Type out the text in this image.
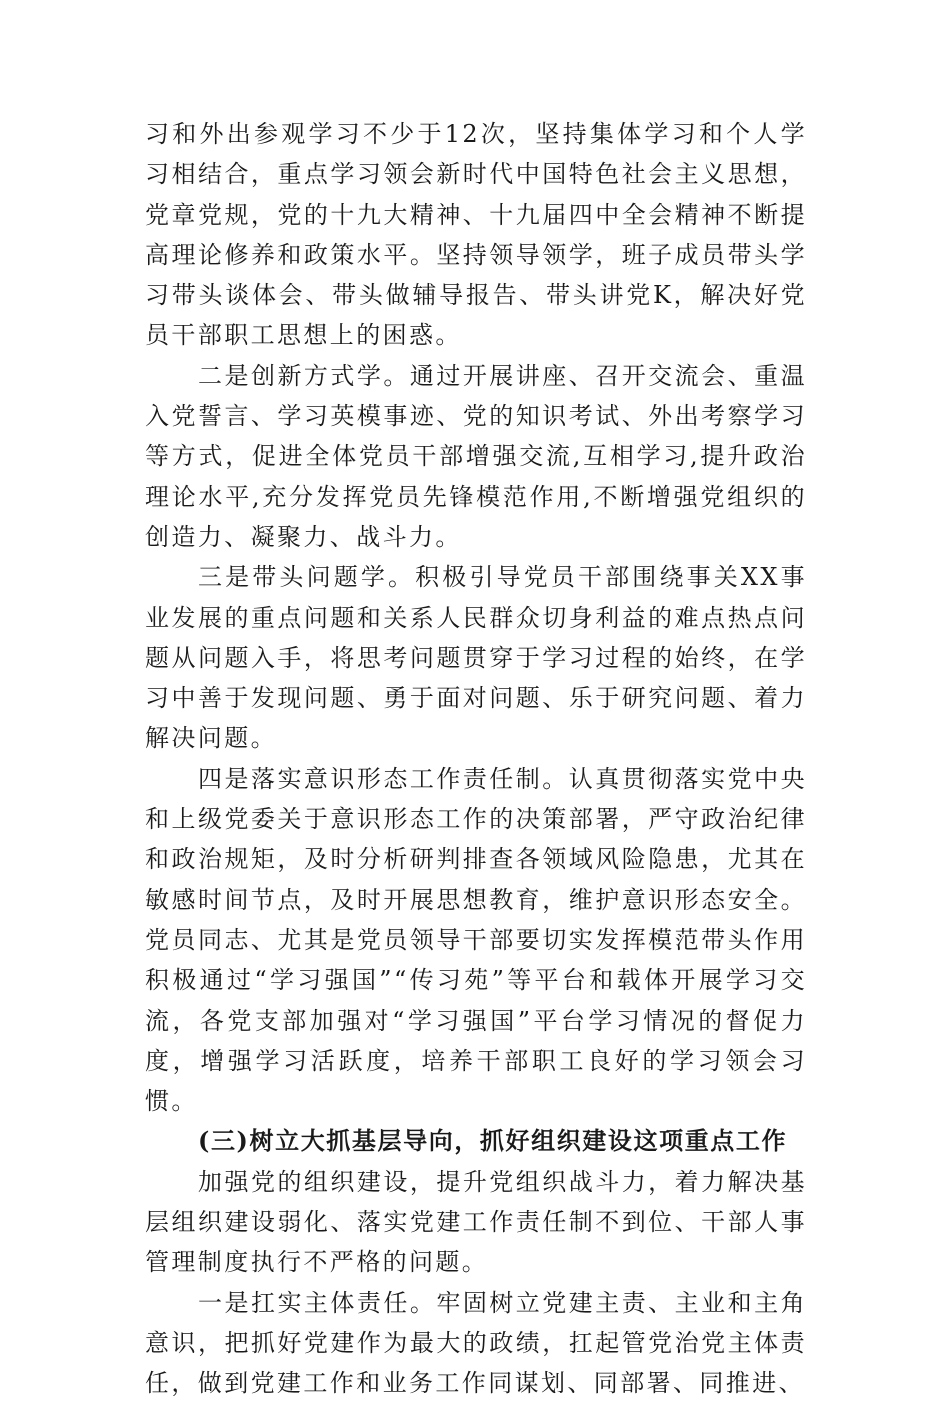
习和外出参观学习不少于12次，坚持集体学习和个人学习相结合，重点学习领会新时代中国特色社会主义思想，党章党规，党的十九大精神、十九届四中全会精神不断提高理论修养和政策水平。坚持领导领学，班子成员带头学习带头谈体会、带头做辅导报告、带头讲党K，解决好党员干部职工思想上的困惑。

二是创新方式学。通过开展讲座、召开交流会、重温入党誓言、学习英模事迹、党的知识考试、外出考察学习等方式，促进全体党员干部增强交流,互相学习,提升政治理论水平,充分发挥党员先锋模范作用,不断增强党组织的创造力、凝聚力、战斗力。

三是带头问题学。积极引导党员干部围绕事关XX事业发展的重点问题和关系人民群众切身利益的难点热点问题从问题入手，将思考问题贯穿于学习过程的始终，在学习中善于发现问题、勇于面对问题、乐于研究问题、着力解决问题。

四是落实意识形态工作责任制。认真贯彻落实党中央和上级党委关于意识形态工作的决策部署，严守政治纪律和政治规矩，及时分析研判排查各领域风险隐患，尤其在敏感时间节点，及时开展思想教育，维护意识形态安全。党员同志、尤其是党员领导干部要切实发挥模范带头作用积极通过“学习强国”“传习苑”等平台和载体开展学习交流，各党支部加强对“学习强国”平台学习情况的督促力度，增强学习活跃度，培养干部职工良好的学习领会习惯。

(三)树立大抓基层导向，抓好组织建设这项重点工作

加强党的组织建设，提升党组织战斗力，着力解决基层组织建设弱化、落实党建工作责任制不到位、干部人事管理制度执行不严格的问题。

一是扛实主体责任。牢固树立党建主责、主业和主角意识，把抓好党建作为最大的政绩，扛起管党治党主体责任，做到党建工作和业务工作同谋划、同部署、同推进、
